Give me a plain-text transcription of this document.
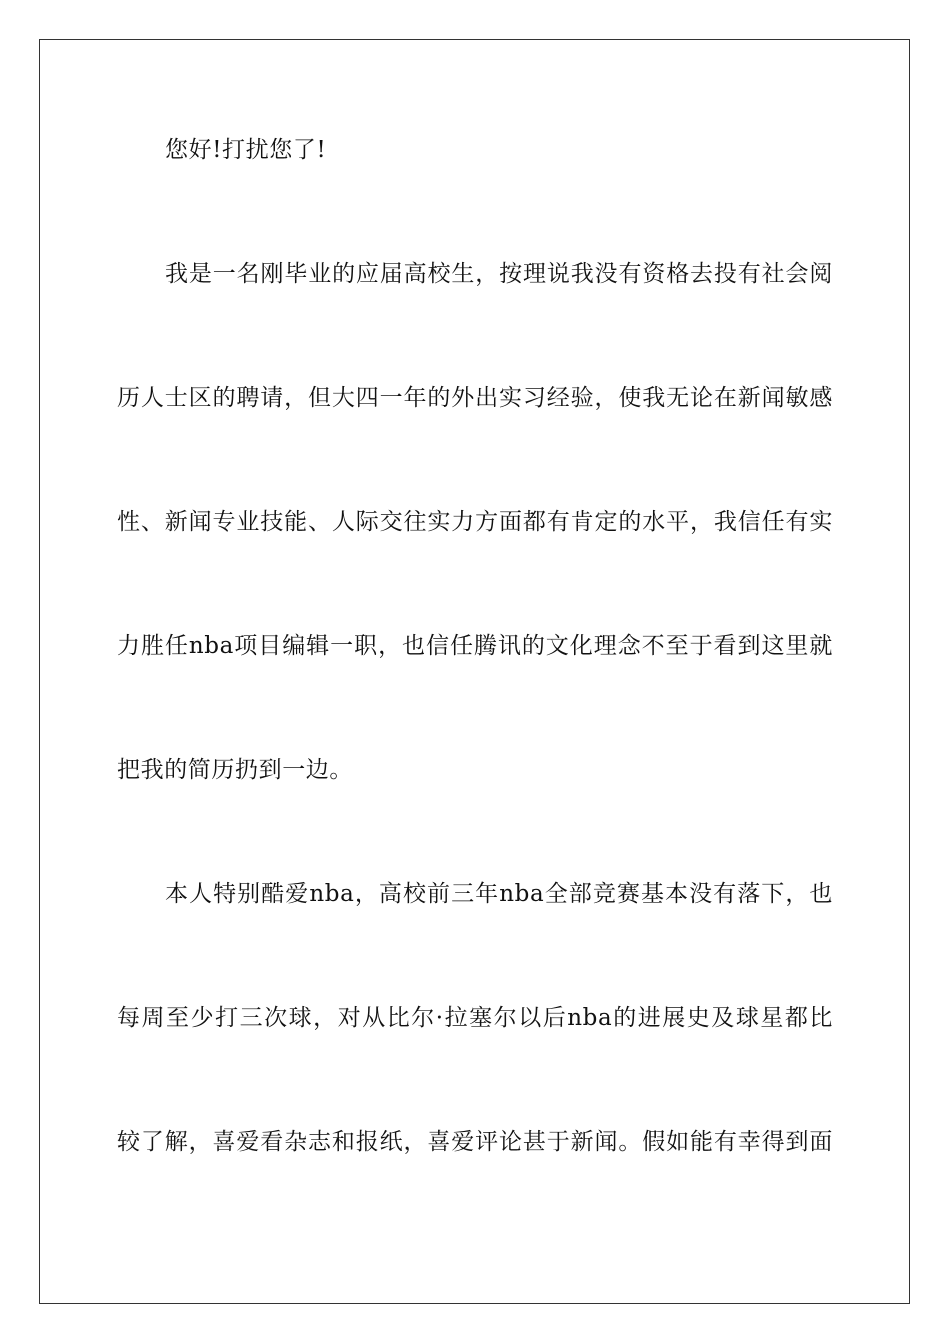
您好!打扰您了!

我是一名刚毕业的应届高校生，按理说我没有资格去投有社会阅

历人士区的聘请，但大四一年的外出实习经验，使我无论在新闻敏感

性、新闻专业技能、人际交往实力方面都有肯定的水平，我信任有实

力胜任nba项目编辑一职，也信任腾讯的文化理念不至于看到这里就

把我的简历扔到一边。

本人特别酷爱nba，高校前三年nba全部竞赛基本没有落下，也

每周至少打三次球，对从比尔·拉塞尔以后nba的进展史及球星都比

较了解，喜爱看杂志和报纸，喜爱评论甚于新闻。假如能有幸得到面
